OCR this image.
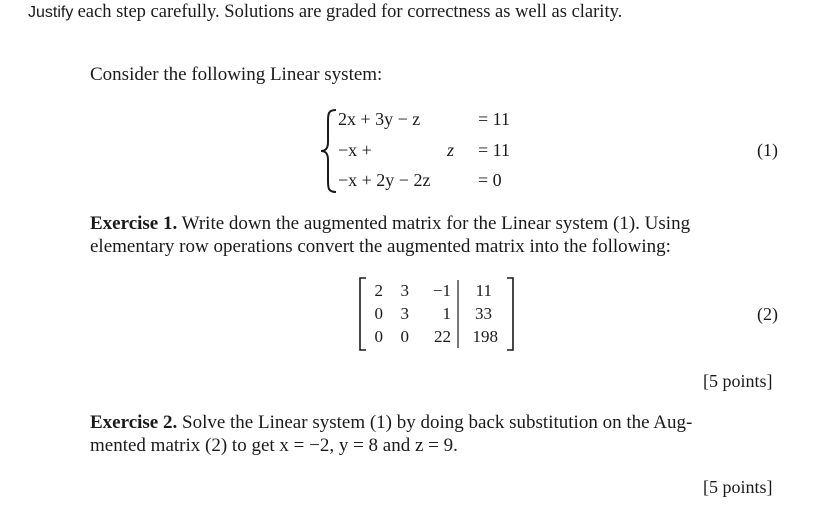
Justify each step carefully. Solutions are graded for correctness as well as clarity.
Consider the following Linear system:
2x + 3y − z	= 11
−x +	z = 11
−x + 2y − 2z	= 0
(1)
Exercise 1. Write down the augmented matrix for the Linear system (1). Using
elementary row operations convert the augmented matrix into the following:
2	3	−1	11
0	3	1	33
0	0	22 198
(2)
[5 points]
Exercise 2. Solve the Linear system (1) by doing back substitution on the Aug-
mented matrix (2) to get x = −2, y = 8 and z = 9.
[5 points]
